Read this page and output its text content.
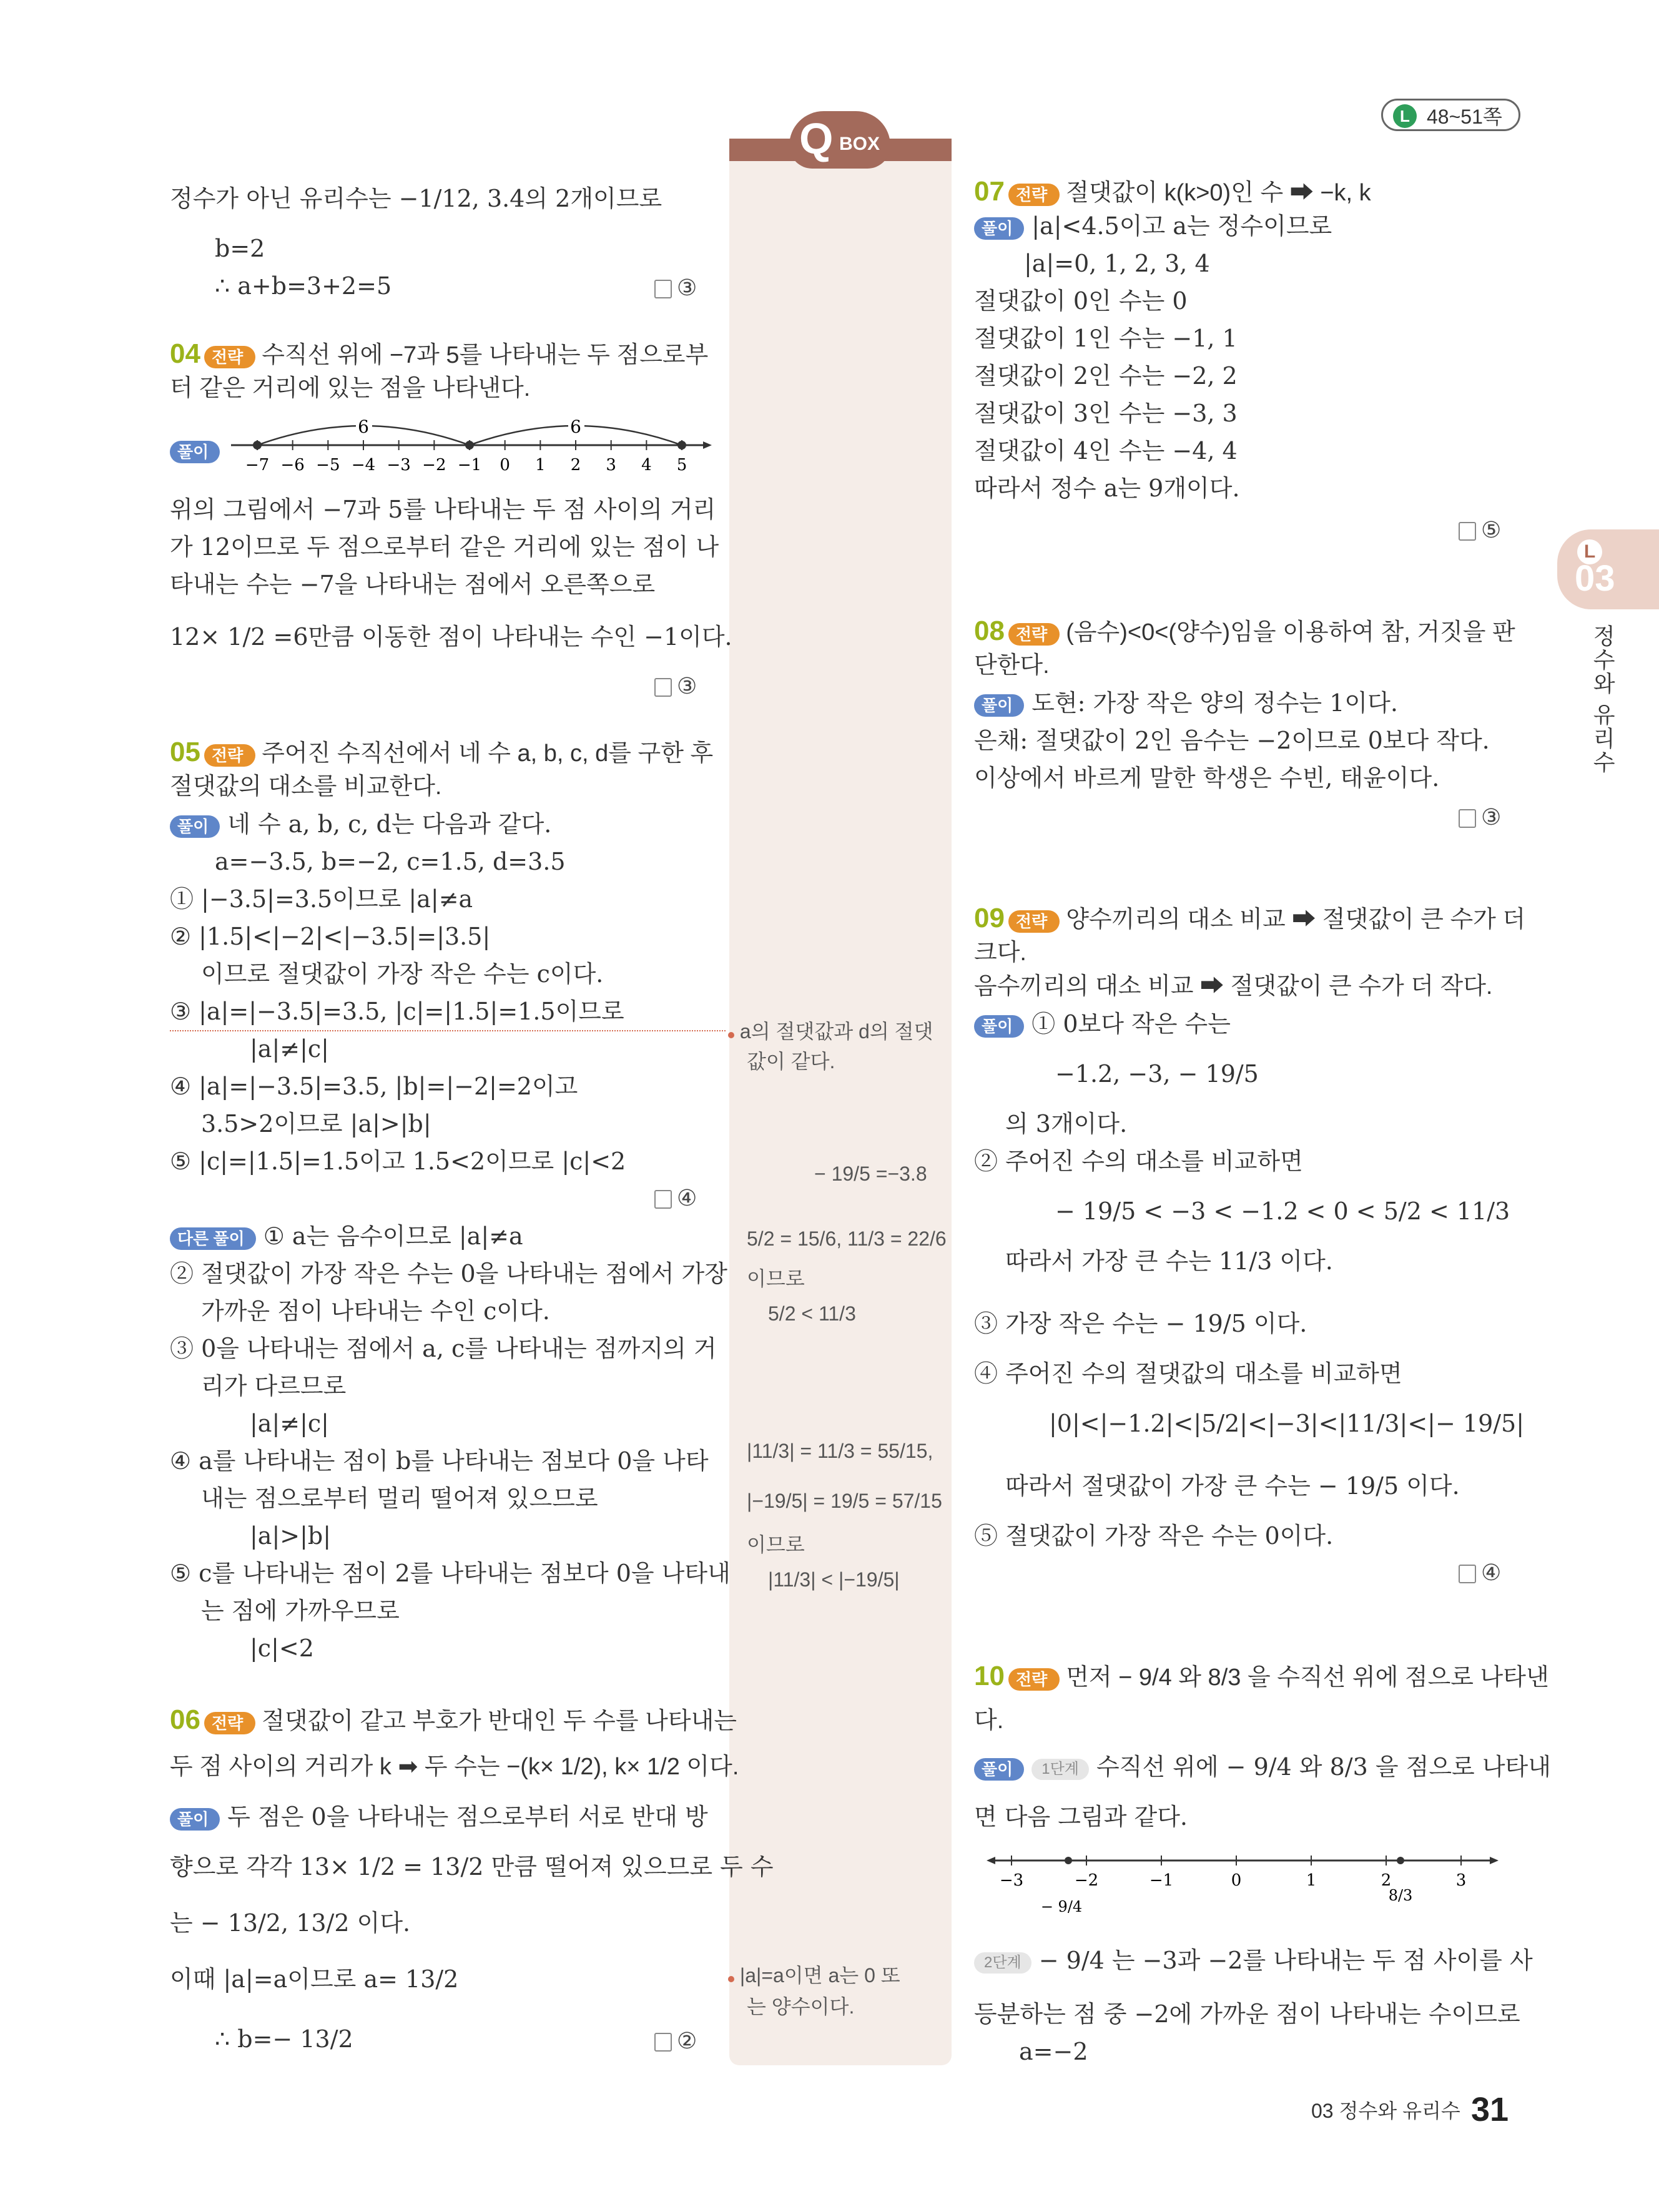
L 48~51쪽
Q BOX
L
03
정수와 유리수
정수가 아닌 유리수는 −1/12, 3.4의 2개이므로
b=2
∴ a+b=3+2=5	③
04 전략 수직선 위에 −7과 5를 나타내는 두 점으로부
터 같은 거리에 있는 점을 나타낸다.
풀이
−7 −6 −5 −4 −3 −2 −1 0 1 2 3 4 5
6	6
위의 그림에서 −7과 5를 나타내는 두 점 사이의 거리
가 12이므로 두 점으로부터 같은 거리에 있는 점이 나
타내는 수는 −7을 나타내는 점에서 오른쪽으로
12× 1/2 =6만큼 이동한 점이 나타내는 수인 −1이다.
③
05 전략 주어진 수직선에서 네 수 a, b, c, d를 구한 후
절댓값의 대소를 비교한다.
풀이 네 수 a, b, c, d는 다음과 같다.
a=−3.5, b=−2, c=1.5, d=3.5
① |−3.5|=3.5이므로 |a|≠a
② |1.5|<|−2|<|−3.5|=|3.5|
이므로 절댓값이 가장 작은 수는 c이다.
③ |a|=|−3.5|=3.5, |c|=|1.5|=1.5이므로
|a|≠|c|
④ |a|=|−3.5|=3.5, |b|=|−2|=2이고
3.5>2이므로 |a|>|b|
⑤ |c|=|1.5|=1.5이고 1.5<2이므로 |c|<2
④
다른 풀이 ① a는 음수이므로 |a|≠a
② 절댓값이 가장 작은 수는 0을 나타내는 점에서 가장
가까운 점이 나타내는 수인 c이다.
③ 0을 나타내는 점에서 a, c를 나타내는 점까지의 거
리가 다르므로
|a|≠|c|
④ a를 나타내는 점이 b를 나타내는 점보다 0을 나타
내는 점으로부터 멀리 떨어져 있으므로
|a|>|b|
⑤ c를 나타내는 점이 2를 나타내는 점보다 0을 나타내
는 점에 가까우므로
|c|<2
06 전략 절댓값이 같고 부호가 반대인 두 수를 나타내는
두 점 사이의 거리가 k ➡ 두 수는 −(k× 1/2), k× 1/2 이다.
풀이 두 점은 0을 나타내는 점으로부터 서로 반대 방
향으로 각각 13× 1/2 = 13/2 만큼 떨어져 있으므로 두 수
는 − 13/2, 13/2 이다.
이때 |a|=a이므로 a= 13/2
∴ b=− 13/2	②
a의 절댓값과 d의 절댓
값이 같다.
− 19/5 =−3.8
5/2 = 15/6, 11/3 = 22/6
이므로
5/2 < 11/3
|11/3| = 11/3 = 55/15,
|−19/5| = 19/5 = 57/15
이므로
|11/3| < |−19/5|
|a|=a이면 a는 0 또
는 양수이다.
07 전략 절댓값이 k(k>0)인 수 ➡ −k, k
풀이 |a|<4.5이고 a는 정수이므로
|a|=0, 1, 2, 3, 4
절댓값이 0인 수는 0
절댓값이 1인 수는 −1, 1
절댓값이 2인 수는 −2, 2
절댓값이 3인 수는 −3, 3
절댓값이 4인 수는 −4, 4
따라서 정수 a는 9개이다.
⑤
08 전략 (음수)<0<(양수)임을 이용하여 참, 거짓을 판
단한다.
풀이 도현: 가장 작은 양의 정수는 1이다.
은채: 절댓값이 2인 음수는 −2이므로 0보다 작다.
이상에서 바르게 말한 학생은 수빈, 태윤이다.
③
09 전략 양수끼리의 대소 비교 ➡ 절댓값이 큰 수가 더
크다.
음수끼리의 대소 비교 ➡ 절댓값이 큰 수가 더 작다.
풀이 ① 0보다 작은 수는
−1.2, −3, − 19/5
의 3개이다.
② 주어진 수의 대소를 비교하면
− 19/5 < −3 < −1.2 < 0 < 5/2 < 11/3
따라서 가장 큰 수는 11/3 이다.
③ 가장 작은 수는 − 19/5 이다.
④ 주어진 수의 절댓값의 대소를 비교하면
|0|<|−1.2|<|5/2|<|−3|<|11/3|<|− 19/5|
따라서 절댓값이 가장 큰 수는 − 19/5 이다.
⑤ 절댓값이 가장 작은 수는 0이다.
④
10 전략 먼저 − 9/4 와 8/3 을 수직선 위에 점으로 나타낸
다.
풀이 1단계 수직선 위에 − 9/4 와 8/3 을 점으로 나타내
면 다음 그림과 같다.
−3	−2	−1	0	1	2	3
− 9/4
8/3
2단계 − 9/4 는 −3과 −2를 나타내는 두 점 사이를 사
등분하는 점 중 −2에 가까운 점이 나타내는 수이므로
a=−2
03 정수와 유리수 31
